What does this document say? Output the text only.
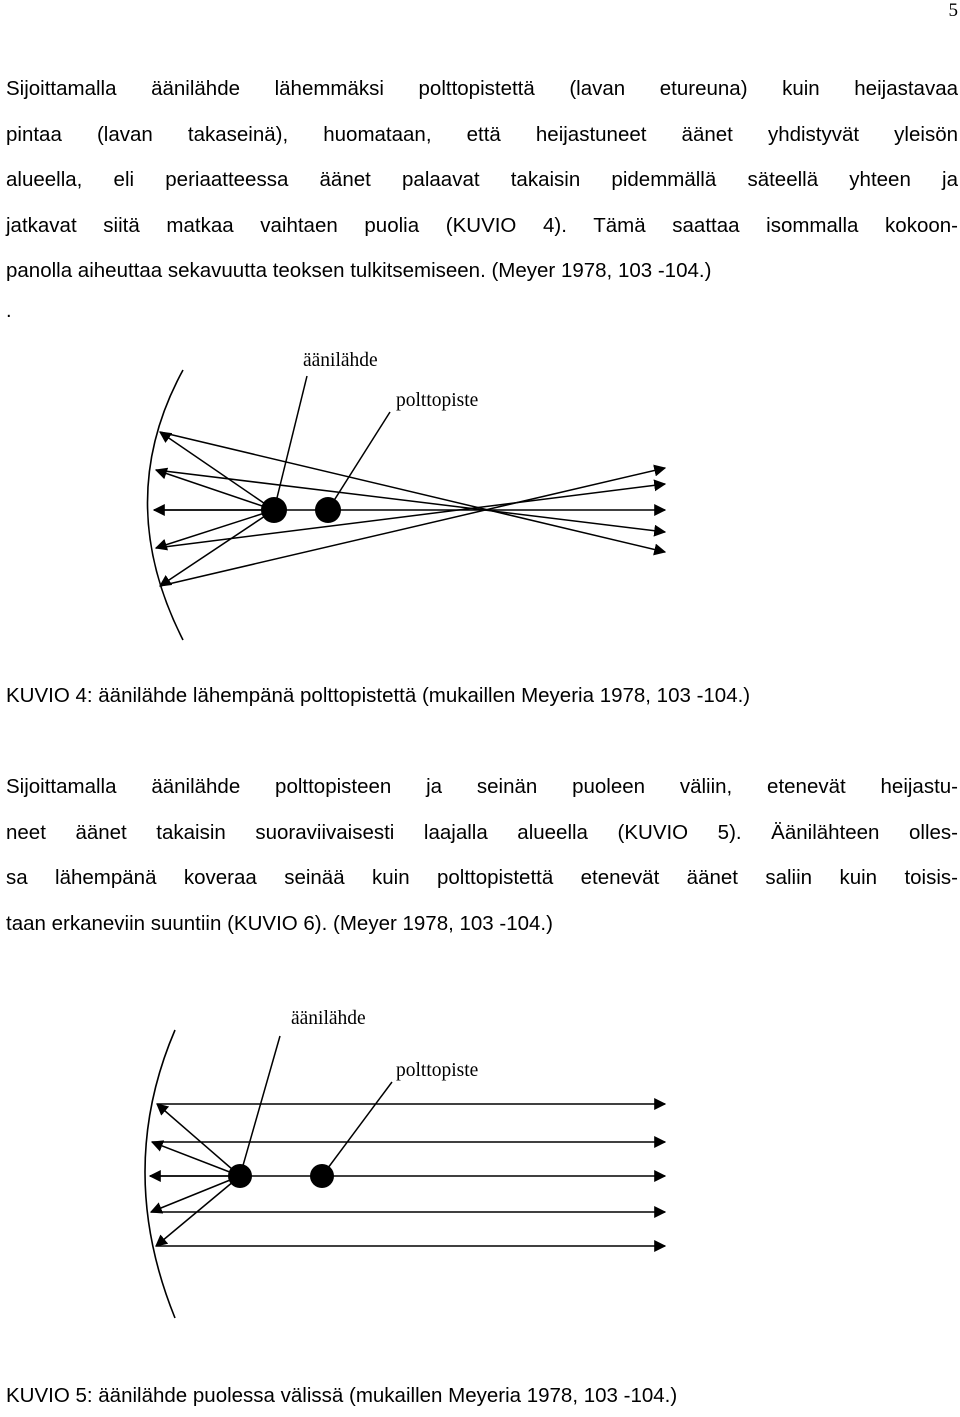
5
Sijoittamalla äänilähde lähemmäksi polttopistettä (lavan etureuna) kuin heijastavaa
pintaa (lavan takaseinä), huomataan, että heijastuneet äänet yhdistyvät yleisön
alueella, eli periaatteessa äänet palaavat takaisin pidemmällä säteellä yhteen ja
jatkavat siitä matkaa vaihtaen puolia (KUVIO 4). Tämä saattaa isommalla kokoon-
panolla aiheuttaa sekavuutta teoksen tulkitsemiseen. (Meyer 1978, 103 -104.)
.
äänilähde
polttopiste
KUVIO 4: äänilähde lähempänä polttopistettä (mukaillen Meyeria 1978, 103 -104.)
Sijoittamalla äänilähde polttopisteen ja seinän puoleen väliin, etenevät heijastu-
neet äänet takaisin suoraviivaisesti laajalla alueella (KUVIO 5). Äänilähteen olles-
sa lähempänä koveraa seinää kuin polttopistettä etenevät äänet saliin kuin toisis-
taan erkaneviin suuntiin (KUVIO 6). (Meyer 1978, 103 -104.)
äänilähde
polttopiste
KUVIO 5: äänilähde puolessa välissä (mukaillen Meyeria 1978, 103 -104.)
